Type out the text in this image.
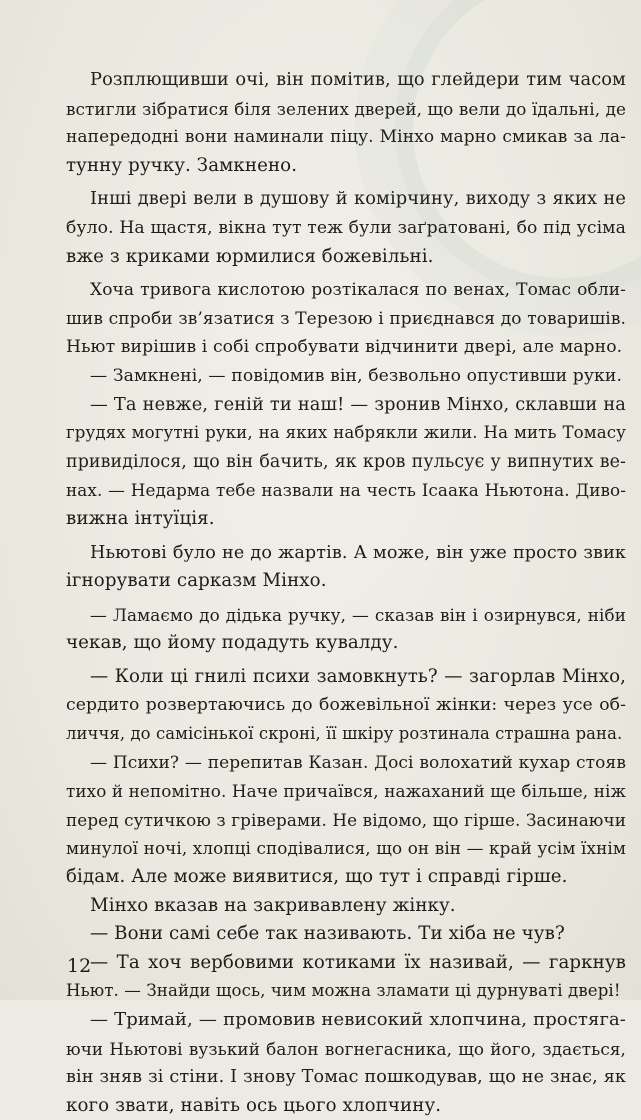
Розплющивши очі, він помітив, що глейдери тим часом
встигли зібратися біля зелених дверей, що вели до їдальні, де
напередодні вони наминали піцу. Мінхо марно смикав за ла-
тунну ручку. Замкнено.
Інші двері вели в душову й комірчину, виходу з яких не
було. На щастя, вікна тут теж були заґратовані, бо під усіма
вже з криками юрмилися божевільні.
Хоча тривога кислотою розтікалася по венах, Томас обли-
шив спроби зв’язатися з Терезою і приєднався до товаришів.
Ньют вирішив і собі спробувати відчинити двері, але марно.
— Замкнені, — повідомив він, безвольно опустивши руки.
— Та невже, геній ти наш! — зронив Мінхо, склавши на
грудях могутні руки, на яких набрякли жили. На мить Томасу
привиділося, що він бачить, як кров пульсує у випнутих ве-
нах. — Недарма тебе назвали на честь Ісаака Ньютона. Диво-
вижна інтуїція.
Ньютові було не до жартів. А може, він уже просто звик
ігнорувати сарказм Мінхо.
— Ламаємо до дідька ручку, — сказав він і озирнувся, ніби
чекав, що йому подадуть кувалду.
— Коли ці гнилі психи замовкнуть? — загорлав Мінхо,
сердито розвертаючись до божевільної жінки: через усе об-
личчя, до самісінької скроні, її шкіру розтинала страшна рана.
— Психи? — перепитав Казан. Досі волохатий кухар стояв
тихо й непомітно. Наче причаївся, нажаханий ще більше, ніж
перед сутичкою з гріверами. Не відомо, що гірше. Засинаючи
минулої ночі, хлопці сподівалися, що он він — край усім їхнім
бідам. Але може виявитися, що тут і справді гірше.
Мінхо вказав на закривавлену жінку.
— Вони самі себе так називають. Ти хіба не чув?
— Та хоч вербовими котиками їх називай, — гаркнув
Ньют. — Знайди щось, чим можна зламати ці дурнуваті двері!
— Тримай, — промовив невисокий хлопчина, простяга-
ючи Ньютові вузький балон вогнегасника, що його, здається,
він зняв зі стіни. І знову Томас пошкодував, що не знає, як
кого звати, навіть ось цього хлопчину.
12
